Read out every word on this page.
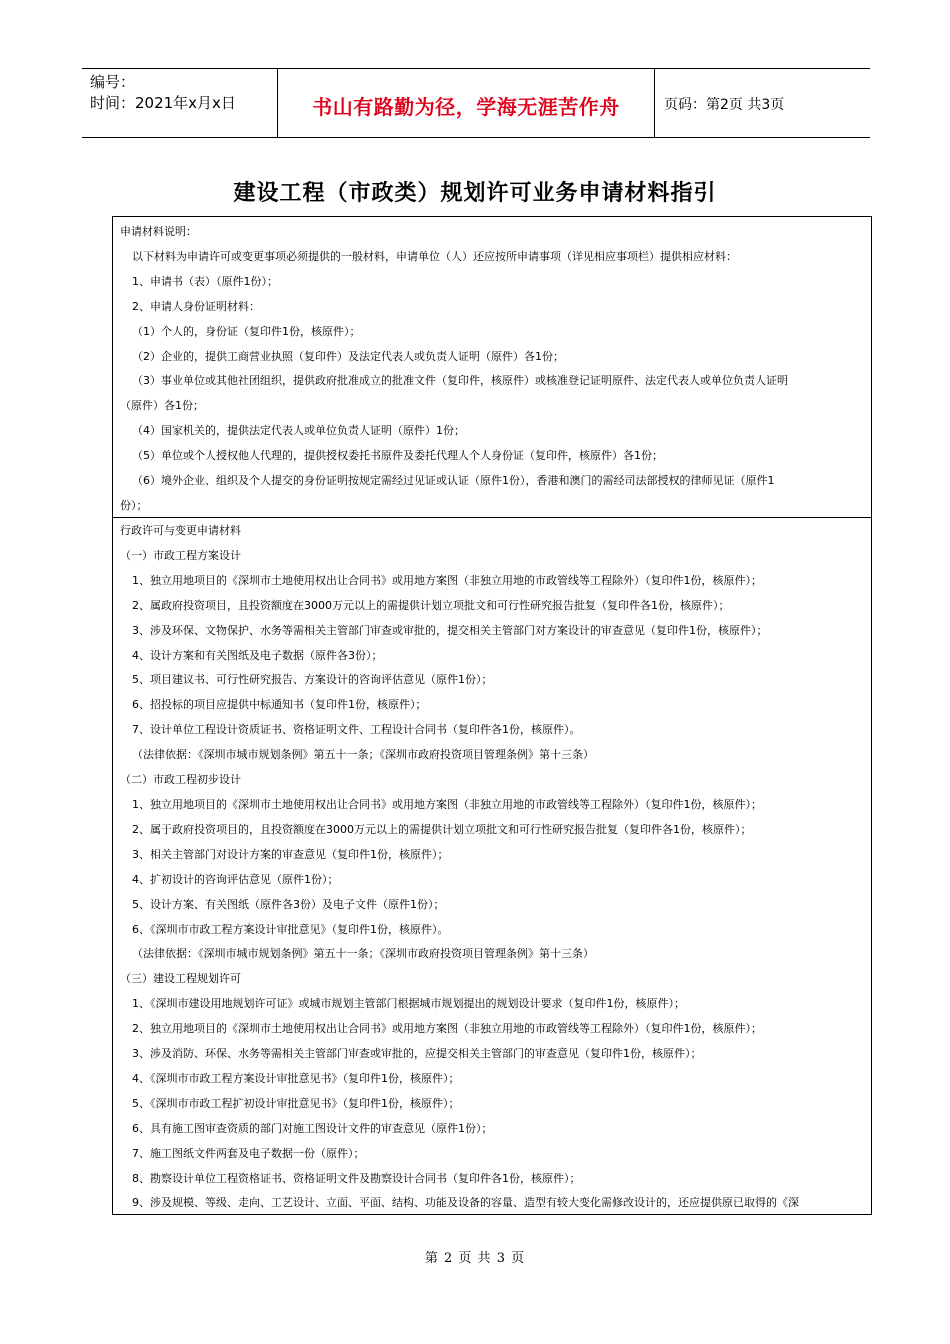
编号：
时间：2021年x月x日	书山有路勤为径，学海无涯苦作舟	页码：第2页 共3页
建设工程（市政类）规划许可业务申请材料指引
申请材料说明：
以下材料为申请许可或变更事项必须提供的一般材料，申请单位（人）还应按所申请事项（详见相应事项栏）提供相应材料：
1、申请书（表）（原件1份）；
2、申请人身份证明材料：
（1）个人的，身份证（复印件1份，核原件）；
（2）企业的，提供工商营业执照（复印件）及法定代表人或负责人证明（原件）各1份；
（3）事业单位或其他社团组织，提供政府批准成立的批准文件（复印件，核原件）或核准登记证明原件、法定代表人或单位负责人证明
（原件）各1份；
（4）国家机关的，提供法定代表人或单位负责人证明（原件）1份；
（5）单位或个人授权他人代理的，提供授权委托书原件及委托代理人个人身份证（复印件，核原件）各1份；
（6）境外企业、组织及个人提交的身份证明按规定需经过见证或认证（原件1份），香港和澳门的需经司法部授权的律师见证（原件1
份）；
行政许可与变更申请材料
（一）市政工程方案设计
1、独立用地项目的《深圳市土地使用权出让合同书》或用地方案图（非独立用地的市政管线等工程除外）（复印件1份，核原件）；
2、属政府投资项目，且投资额度在3000万元以上的需提供计划立项批文和可行性研究报告批复（复印件各1份，核原件）；
3、涉及环保、文物保护、水务等需相关主管部门审查或审批的，提交相关主管部门对方案设计的审查意见（复印件1份，核原件）；
4、设计方案和有关图纸及电子数据（原件各3份）；
5、项目建议书、可行性研究报告、方案设计的咨询评估意见（原件1份）；
6、招投标的项目应提供中标通知书（复印件1份，核原件）；
7、设计单位工程设计资质证书、资格证明文件、工程设计合同书（复印件各1份，核原件）。
（法律依据：《深圳市城市规划条例》第五十一条；《深圳市政府投资项目管理条例》第十三条）
（二）市政工程初步设计
1、独立用地项目的《深圳市土地使用权出让合同书》或用地方案图（非独立用地的市政管线等工程除外）（复印件1份，核原件）；
2、属于政府投资项目的，且投资额度在3000万元以上的需提供计划立项批文和可行性研究报告批复（复印件各1份，核原件）；
3、相关主管部门对设计方案的审查意见（复印件1份，核原件）；
4、扩初设计的咨询评估意见（原件1份）；
5、设计方案、有关图纸（原件各3份）及电子文件（原件1份）；
6、《深圳市市政工程方案设计审批意见》（复印件1份，核原件）。
（法律依据：《深圳市城市规划条例》第五十一条；《深圳市政府投资项目管理条例》第十三条）
（三）建设工程规划许可
1、《深圳市建设用地规划许可证》或城市规划主管部门根据城市规划提出的规划设计要求（复印件1份，核原件）；
2、独立用地项目的《深圳市土地使用权出让合同书》或用地方案图（非独立用地的市政管线等工程除外）（复印件1份，核原件）；
3、涉及消防、环保、水务等需相关主管部门审查或审批的，应提交相关主管部门的审查意见（复印件1份，核原件）；
4、《深圳市市政工程方案设计审批意见书》（复印件1份，核原件）；
5、《深圳市市政工程扩初设计审批意见书》（复印件1份，核原件）；
6、具有施工图审查资质的部门对施工图设计文件的审查意见（原件1份）；
7、施工图纸文件两套及电子数据一份（原件）；
8、勘察设计单位工程资格证书、资格证明文件及勘察设计合同书（复印件各1份，核原件）；
9、涉及规模、等级、走向、工艺设计、立面、平面、结构、功能及设备的容量、造型有较大变化需修改设计的，还应提供原已取得的《深
第 2 页 共 3 页
